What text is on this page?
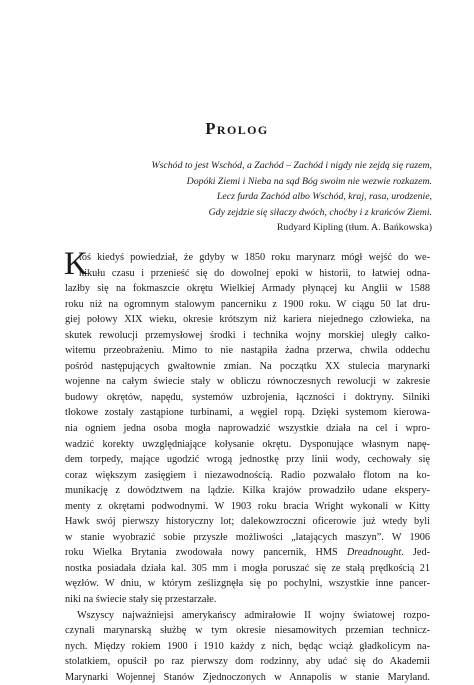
Prolog
Wschód to jest Wschód, a Zachód – Zachód i nigdy nie zejdą się razem,
Dopóki Ziemi i Nieba na sąd Bóg swoim nie wezwie rozkazem.
Lecz furda Zachód albo Wschód, kraj, rasa, urodzenie,
Gdy zejdzie się siłaczy dwóch, choćby i z krańców Ziemi.
Rudyard Kipling (tłum. A. Bańkowska)
K
toś kiedyś powiedział, że gdyby w 1850 roku marynarz mógł wejść do we-
hikułu czasu i przenieść się do dowolnej epoki w historii, to łatwiej odna-
lazłby się na fokmaszcie okrętu Wielkiej Armady płynącej ku Anglii w 1588
roku niż na ogromnym stalowym pancerniku z 1900 roku. W ciągu 50 lat dru-
giej połowy XIX wieku, okresie krótszym niż kariera niejednego człowieka, na
skutek rewolucji przemysłowej środki i technika wojny morskiej uległy całko-
witemu przeobrażeniu. Mimo to nie nastąpiła żadna przerwa, chwila oddechu
pośród następujących gwałtownie zmian. Na początku XX stulecia marynarki
wojenne na całym świecie stały w obliczu równoczesnych rewolucji w zakresie
budowy okrętów, napędu, systemów uzbrojenia, łączności i doktryny. Silniki
tłokowe zostały zastąpione turbinami, a węgiel ropą. Dzięki systemom kierowa-
nia ogniem jedna osoba mogła naprowadzić wszystkie działa na cel i wpro-
wadzić korekty uwzględniające kołysanie okrętu. Dysponujące własnym napę-
dem torpedy, mające ugodzić wrogą jednostkę przy linii wody, cechowały się
coraz większym zasięgiem i niezawodnością. Radio pozwalało flotom na ko-
munikację z dowództwem na lądzie. Kilka krajów prowadziło udane ekspery-
menty z okrętami podwodnymi. W 1903 roku bracia Wright wykonali w Kitty
Hawk swój pierwszy historyczny lot; dalekowzroczni oficerowie już wtedy byli
w stanie wyobrazić sobie przyszłe możliwości „latających maszyn”. W 1906
roku Wielka Brytania zwodowała nowy pancernik, HMS Dreadnought. Jed-
nostka posiadała działa kal. 305 mm i mogła poruszać się ze stałą prędkością 21
węzłów. W dniu, w którym ześlizgnęła się po pochylni, wszystkie inne pancer-
niki na świecie stały się przestarzałe.
Wszyscy najważniejsi amerykańscy admirałowie II wojny światowej rozpo-
czynali marynarską służbę w tym okresie niesamowitych przemian technicz-
nych. Między rokiem 1900 i 1910 każdy z nich, będąc wciąż gładkolicym na-
stolatkiem, opuścił po raz pierwszy dom rodzinny, aby udać się do Akademii
Marynarki Wojennej Stanów Zjednoczonych w Annapolis w stanie Maryland.
